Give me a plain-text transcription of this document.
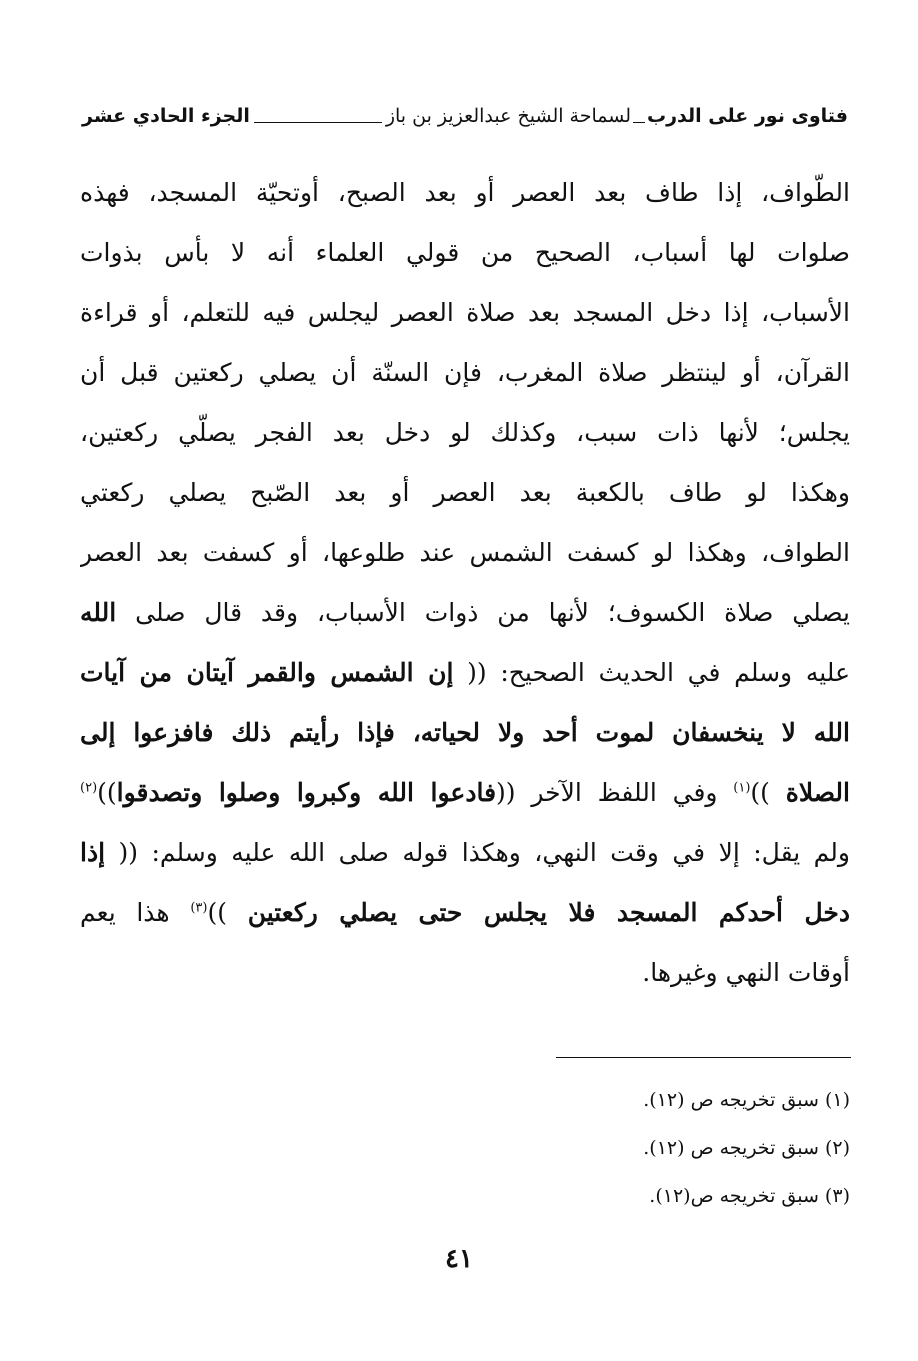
فتاوى نور على الدرب
لسماحة الشيخ عبدالعزيز بن باز
الجزء الحادي عشر
الطّواف، إذا طاف بعد العصر أو بعد الصبح، أوتحيّة المسجد، فهذه
صلوات لها أسباب، الصحيح من قولي العلماء أنه لا بأس بذوات
الأسباب، إذا دخل المسجد بعد صلاة العصر ليجلس فيه للتعلم، أو قراءة
القرآن، أو لينتظر صلاة المغرب، فإن السنّة أن يصلي ركعتين قبل أن
يجلس؛ لأنها ذات سبب، وكذلك لو دخل بعد الفجر يصلّي ركعتين،
وهكذا لو طاف بالكعبة بعد العصر أو بعد الصّبح يصلي ركعتي
الطواف، وهكذا لو كسفت الشمس عند طلوعها، أو كسفت بعد العصر
يصلي صلاة الكسوف؛ لأنها من ذوات الأسباب، وقد قال صلى الله
عليه وسلم في الحديث الصحيح: (( إن الشمس والقمر آيتان من آيات
الله لا ينخسفان لموت أحد ولا لحياته، فإذا رأيتم ذلك فافزعوا إلى
الصلاة ))$^{(١)}$ وفي اللفظ الآخر ((فادعوا الله وكبروا وصلوا وتصدقوا))$^{(٢)}$
ولم يقل: إلا في وقت النهي، وهكذا قوله صلى الله عليه وسلم: (( إذا
دخل أحدكم المسجد فلا يجلس حتى يصلي ركعتين ))$^{(٣)}$ هذا يعم
أوقات النهي وغيرها.
(١) سبق تخريجه ص (١٢).
(٢) سبق تخريجه ص (١٢).
(٣) سبق تخريجه ص(١٢).
٤١
